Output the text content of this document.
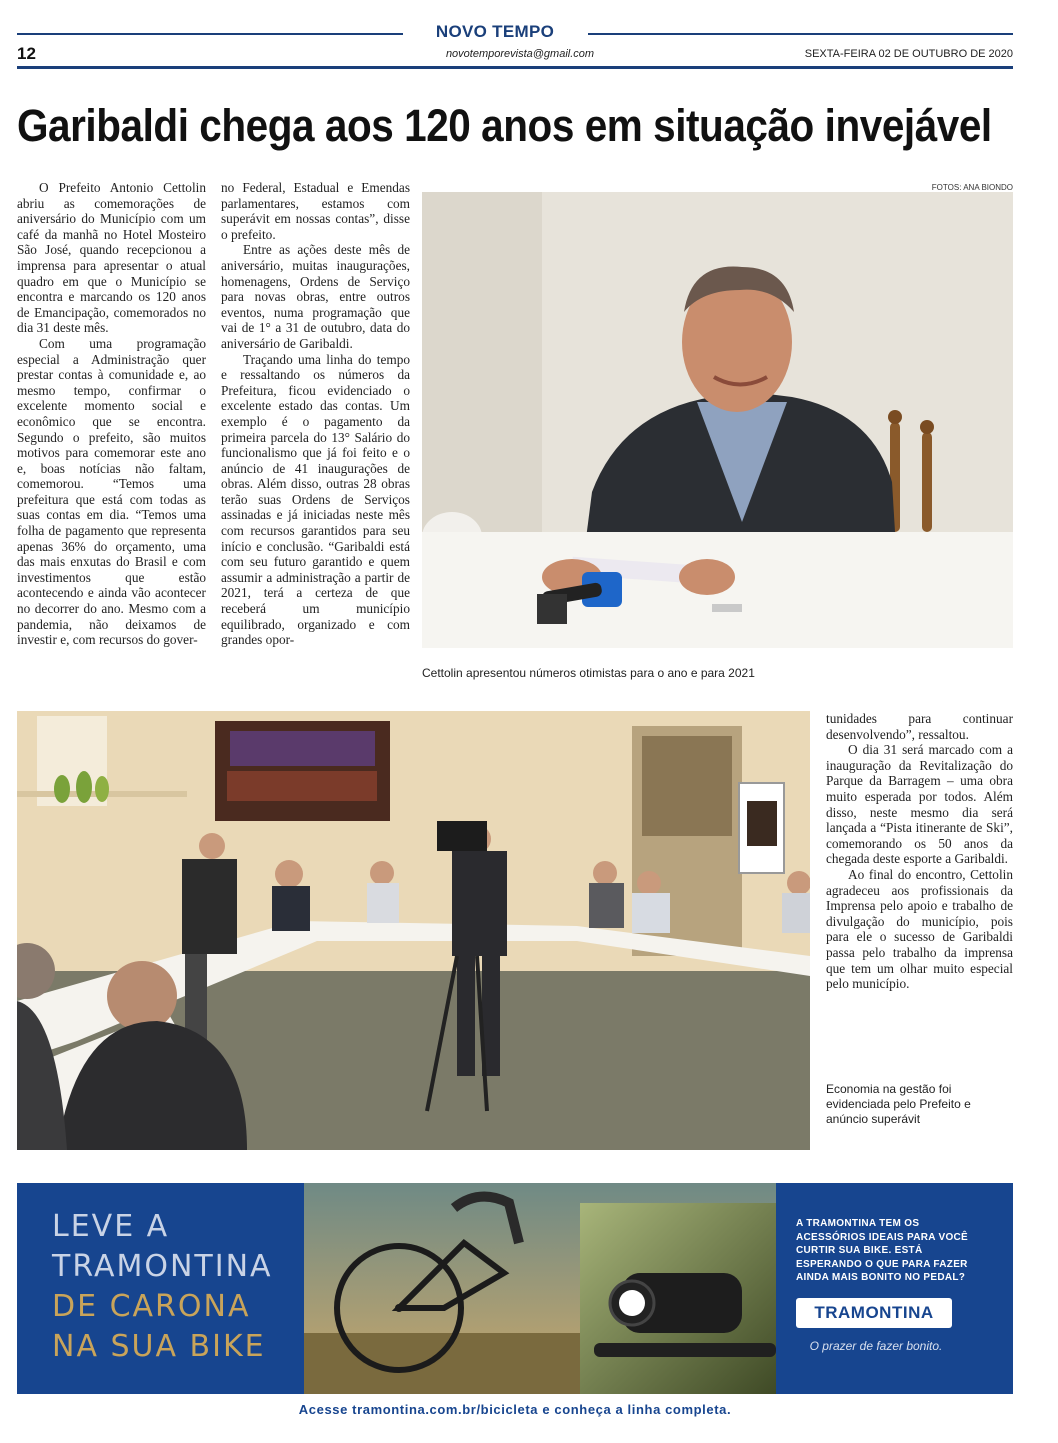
NOVO TEMPO
12	novotemporevista@gmail.com	SEXTA-FEIRA 02 DE OUTUBRO DE 2020
Garibaldi chega aos 120 anos em situação invejável

O Prefeito Antonio Cettolin abriu as comemorações de aniversário do Município com um café da manhã no Hotel Mosteiro São José, quando recepcionou a imprensa para apresentar o atual quadro em que o Município se encontra e marcando os 120 anos de Emancipação, comemorados no dia 31 deste mês.

Com uma programação especial a Administração quer prestar contas à comunidade e, ao mesmo tempo, confirmar o excelente momento social e econômico que se encontra. Segundo o prefeito, são muitos motivos para comemorar este ano e, boas notícias não faltam, comemorou. “Temos uma prefeitura que está com todas as suas contas em dia. “Temos uma folha de pagamento que representa apenas 36% do orçamento, uma das mais enxutas do Brasil e com investimentos que estão acontecendo e ainda vão acontecer no decorrer do ano. Mesmo com a pandemia, não deixamos de investir e, com recursos do gover-

no Federal, Estadual e Emendas parlamentares, estamos com superávit em nossas contas”, disse o prefeito.

Entre as ações deste mês de aniversário, muitas inaugurações, homenagens, Ordens de Serviço para novas obras, entre outros eventos, numa programação que vai de 1° a 31 de outubro, data do aniversário de Garibaldi.

Traçando uma linha do tempo e ressaltando os números da Prefeitura, ficou evidenciado o excelente estado das contas. Um exemplo é o pagamento da primeira parcela do 13° Salário do funcionalismo que já foi feito e o anúncio de 41 inaugurações de obras. Além disso, outras 28 obras terão suas Ordens de Serviços assinadas e já iniciadas neste mês com recursos garantidos para seu início e conclusão. “Garibaldi está com seu futuro garantido e quem assumir a administração a partir de 2021, terá a certeza de que receberá um município equilibrado, organizado e com grandes opor-

FOTOS: ANA BIONDO
Cettolin apresentou números otimistas para o ano e para 2021

tunidades para continuar desenvolvendo”, ressaltou.

O dia 31 será marcado com a inauguração da Revitalização do Parque da Barragem – uma obra muito esperada por todos. Além disso, neste mesmo dia será lançada a “Pista itinerante de Ski”, comemorando os 50 anos da chegada deste esporte a Garibaldi.

Ao final do encontro, Cettolin agradeceu aos profissionais da Imprensa pelo apoio e trabalho de divulgação do município, pois para ele o sucesso de Garibaldi passa pelo trabalho da imprensa que tem um olhar muito especial pelo município.

Economia na gestão foi evidenciada pelo Prefeito e anúncio superávit
LEVE A
TRAMONTINA
DE CARONA
NA SUA BIKE
A TRAMONTINA TEM OS ACESSÓRIOS IDEAIS PARA VOCÊ CURTIR SUA BIKE. ESTÁ ESPERANDO O QUE PARA FAZER AINDA MAIS BONITO NO PEDAL?
TRAMONTINA
O prazer de fazer bonito.
Acesse tramontina.com.br/bicicleta e conheça a linha completa.
